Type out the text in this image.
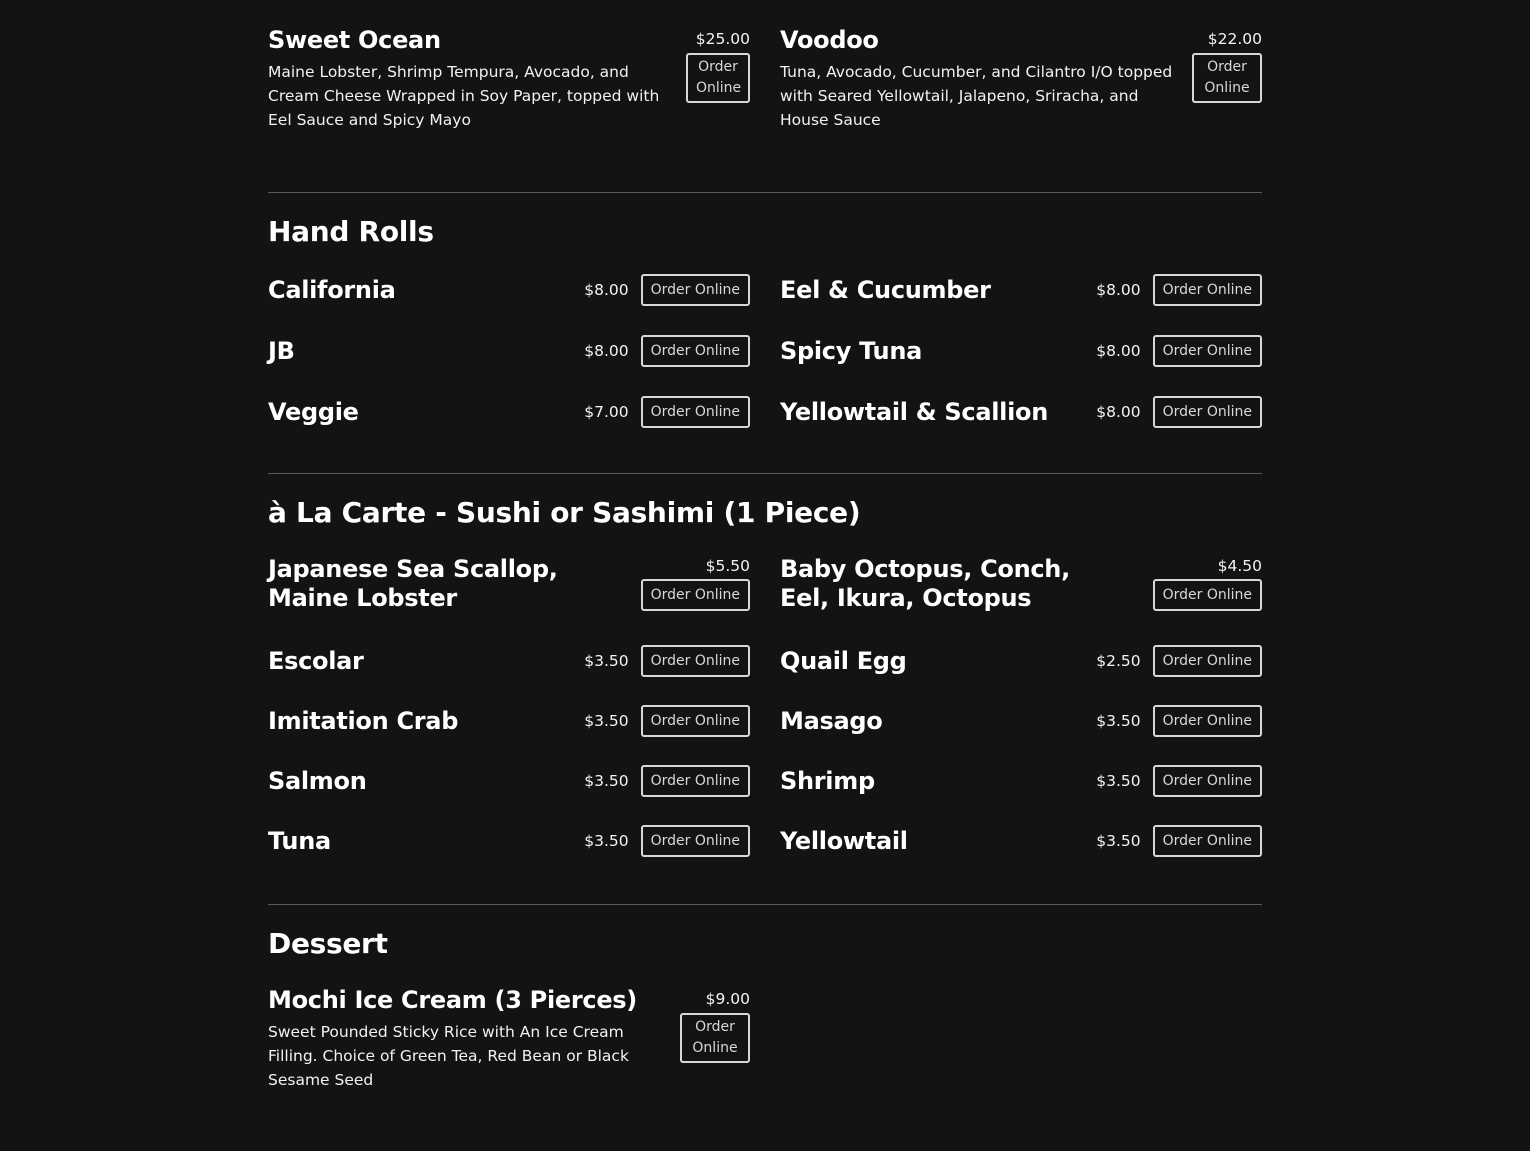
Sweet Ocean
Maine Lobster, Shrimp Tempura, Avocado, and Cream Cheese Wrapped in Soy Paper, topped with Eel Sauce and Spicy Mayo
$25.00
Order Online
Voodoo
Tuna, Avocado, Cucumber, and Cilantro I/O topped with Seared Yellowtail, Jalapeno, Sriracha, and House Sauce
$22.00
Order Online
Hand Rolls
California	$8.00	Order Online	Eel & Cucumber	$8.00	Order Online
JB	$8.00	Order Online	Spicy Tuna	$8.00	Order Online
Veggie	$7.00	Order Online	Yellowtail & Scallion	$8.00	Order Online
à La Carte - Sushi or Sashimi (1 Piece)
Japanese Sea Scallop, Maine Lobster
$5.50
Order Online
Baby Octopus, Conch, Eel, Ikura, Octopus
$4.50
Order Online
Escolar	$3.50	Order Online	Quail Egg	$2.50	Order Online
Imitation Crab	$3.50	Order Online	Masago	$3.50	Order Online
Salmon	$3.50	Order Online	Shrimp	$3.50	Order Online
Tuna	$3.50	Order Online	Yellowtail	$3.50	Order Online
Dessert
Mochi Ice Cream (3 Pierces)
Sweet Pounded Sticky Rice with An Ice Cream Filling. Choice of Green Tea, Red Bean or Black Sesame Seed
$9.00
Order Online
